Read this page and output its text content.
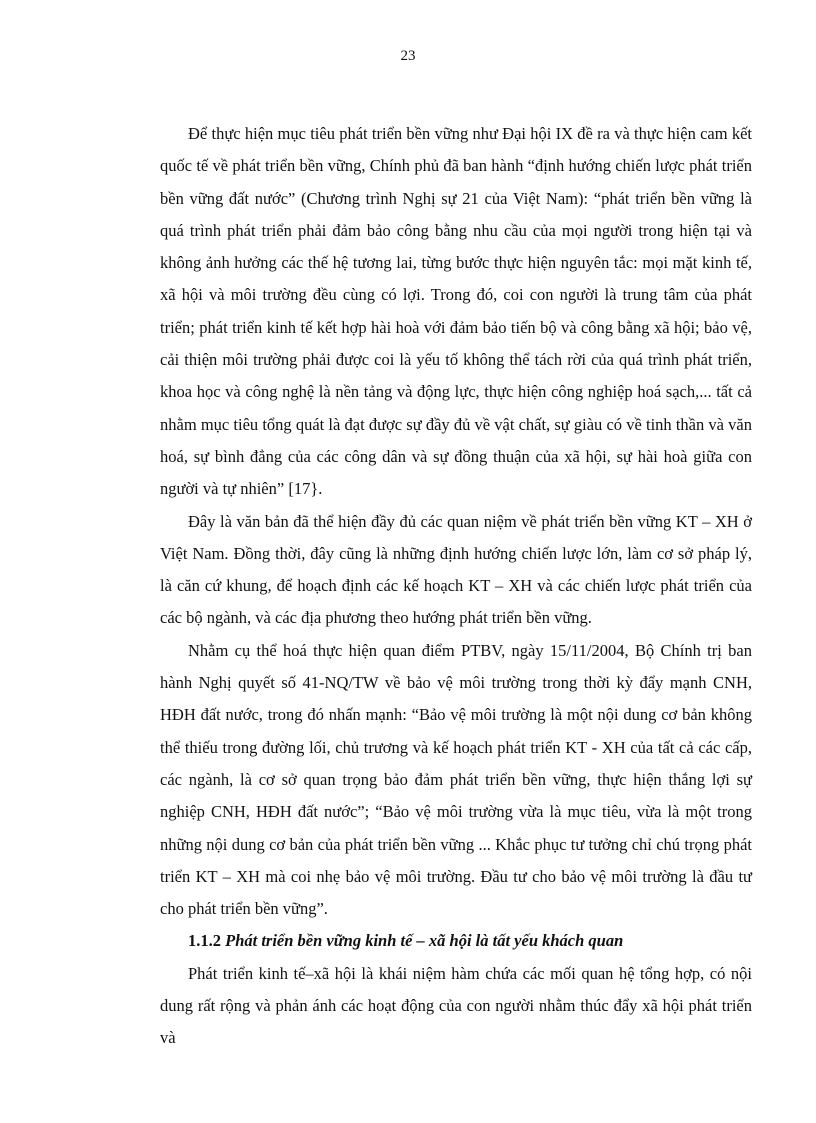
23

Để thực hiện mục tiêu phát triển bền vững như Đại hội IX đề ra và thực hiện cam kết quốc tế về phát triển bền vững, Chính phủ đã ban hành “định hướng chiến lược phát triển bền vững đất nước” (Chương trình Nghị sự 21 của Việt Nam): “phát triển bền vững là quá trình phát triển phải đảm bảo công bằng nhu cầu của mọi người trong hiện tại và không ảnh hưởng các thế hệ tương lai, từng bước thực hiện nguyên tắc: mọi mặt kinh tế, xã hội và môi trường đều cùng có lợi. Trong đó, coi con người là trung tâm của phát triển; phát triển kinh tế kết hợp hài hoà với đảm bảo tiến bộ và công bằng xã hội; bảo vệ, cải thiện môi trường phải được coi là yếu tố không thể tách rời của quá trình phát triển, khoa học và công nghệ là nền tảng và động lực, thực hiện công nghiệp hoá sạch,... tất cả nhằm mục tiêu tổng quát là đạt được sự đầy đủ về vật chất, sự giàu có về tinh thần và văn hoá, sự bình đẳng của các công dân và sự đồng thuận của xã hội, sự hài hoà giữa con người và tự nhiên” [17}.

Đây là văn bản đã thể hiện đầy đủ các quan niệm về phát triển bền vững KT – XH ở Việt Nam. Đồng thời, đây cũng là những định hướng chiến lược lớn, làm cơ sở pháp lý, là căn cứ khung, để hoạch định các kế hoạch KT – XH và các chiến lược phát triển của các bộ ngành, và các địa phương theo hướng phát triển bền vững.

Nhằm cụ thể hoá thực hiện quan điểm PTBV, ngày 15/11/2004, Bộ Chính trị ban hành Nghị quyết số 41-NQ/TW về bảo vệ môi trường trong thời kỳ đẩy mạnh CNH, HĐH đất nước, trong đó nhấn mạnh: “Bảo vệ môi trường là một nội dung cơ bản không thể thiếu trong đường lối, chủ trương và kế hoạch phát triển KT - XH của tất cả các cấp, các ngành, là cơ sở quan trọng bảo đảm phát triển bền vững, thực hiện thắng lợi sự nghiệp CNH, HĐH đất nước”; “Bảo vệ môi trường vừa là mục tiêu, vừa là một trong những nội dung cơ bản của phát triển bền vững ... Khắc phục tư tưởng chỉ chú trọng phát triển KT – XH mà coi nhẹ bảo vệ môi trường. Đầu tư cho bảo vệ môi trường là đầu tư cho phát triển bền vững”.

1.1.2 Phát triển bền vững kinh tế – xã hội là tất yếu khách quan

Phát triển kinh tế–xã hội là khái niệm hàm chứa các mối quan hệ tổng hợp, có nội dung rất rộng và phản ánh các hoạt động của con người nhằm thúc đẩy xã hội phát triển và
